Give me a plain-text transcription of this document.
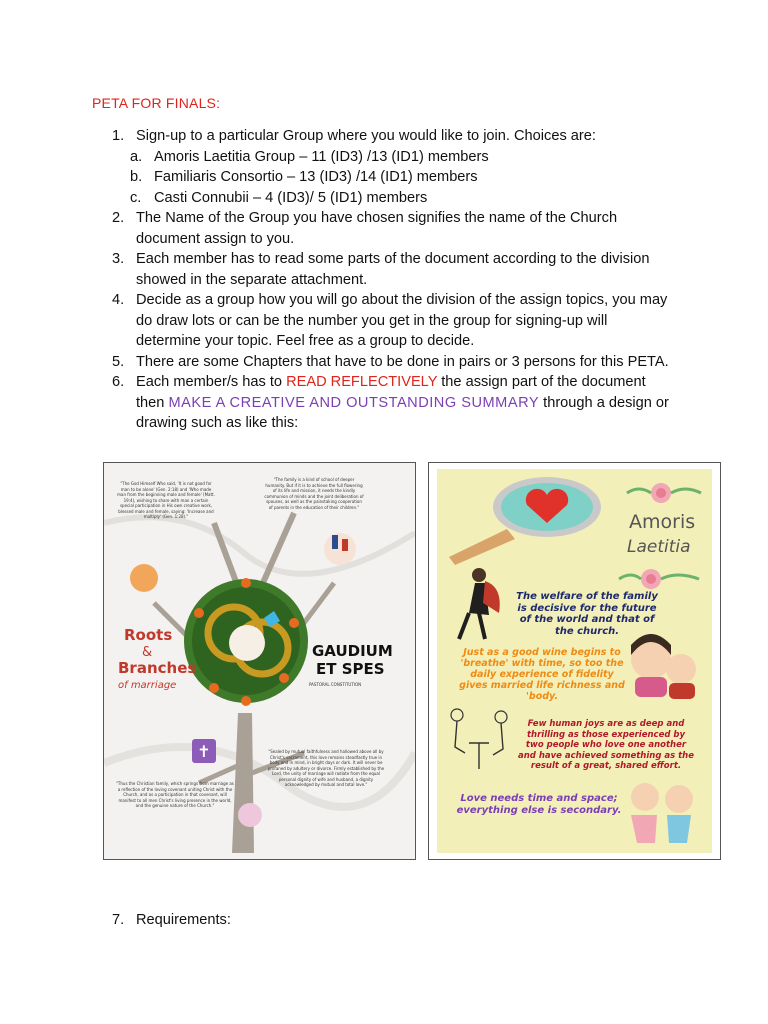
PETA FOR FINALS:
1. Sign-up to a particular Group where you would like to join. Choices are:
a. Amoris Laetitia Group – 11 (ID3) /13 (ID1) members
b. Familiaris Consortio – 13 (ID3) /14 (ID1) members
c. Casti Connubii – 4 (ID3)/ 5 (ID1) members
2. The Name of the Group you have chosen signifies the name of the Church document assign to you.
3. Each member has to read some parts of the document according to the division showed in the separate attachment.
4. Decide as a group how you will go about the division of the assign topics, you may do draw lots or can be the number you get in the group for signing-up will determine your topic. Feel free as a group to decide.
5. There are some Chapters that have to be done in pairs or 3 persons for this PETA.
6. Each member/s has to READ REFLECTIVELY the assign part of the document then MAKE A CREATIVE AND OUTSTANDING SUMMARY through a design or drawing such as like this:
✝
Roots
&
Branches
of marriage
GAUDIUM
ET SPES
PASTORAL CONSTITUTION
"The God Himself Who said, 'It is not good for man to be alone' (Gen. 2:18) and 'Who made man from the beginning male and female' (Matt. 19:4), wishing to share with man a certain special participation in His own creative work, blessed male and female, saying: 'Increase and multiply' (Gen. 1:28)."
"The family is a kind of school of deeper humanity. But if it is to achieve the full flowering of its life and mission, it needs the kindly communion of minds and the joint deliberation of spouses, as well as the painstaking cooperation of parents in the education of their children."
"Thus the Christian family, which springs from marriage as a reflection of the loving covenant uniting Christ with the Church, and as a participation in that covenant, will manifest to all men Christ's living presence in the world, and the genuine nature of the Church."
"Sealed by mutual faithfulness and hallowed above all by Christ's sacrament, this love remains steadfastly true in body and in mind, in bright days or dark. It will never be profaned by adultery or divorce. Firmly established by the Lord, the unity of marriage will radiate from the equal personal dignity of wife and husband, a dignity acknowledged by mutual and total love."
Amoris
Laetitia
The welfare of the family is decisive for the future of the world and that of the church.
Just as a good wine begins to 'breathe' with time, so too the daily experience of fidelity gives married life richness and 'body.
Few human joys are as deep and thrilling as those experienced by two people who love one another and have achieved something as the result of a great, shared effort.
Love needs time and space; everything else is secondary.
7. Requirements:
